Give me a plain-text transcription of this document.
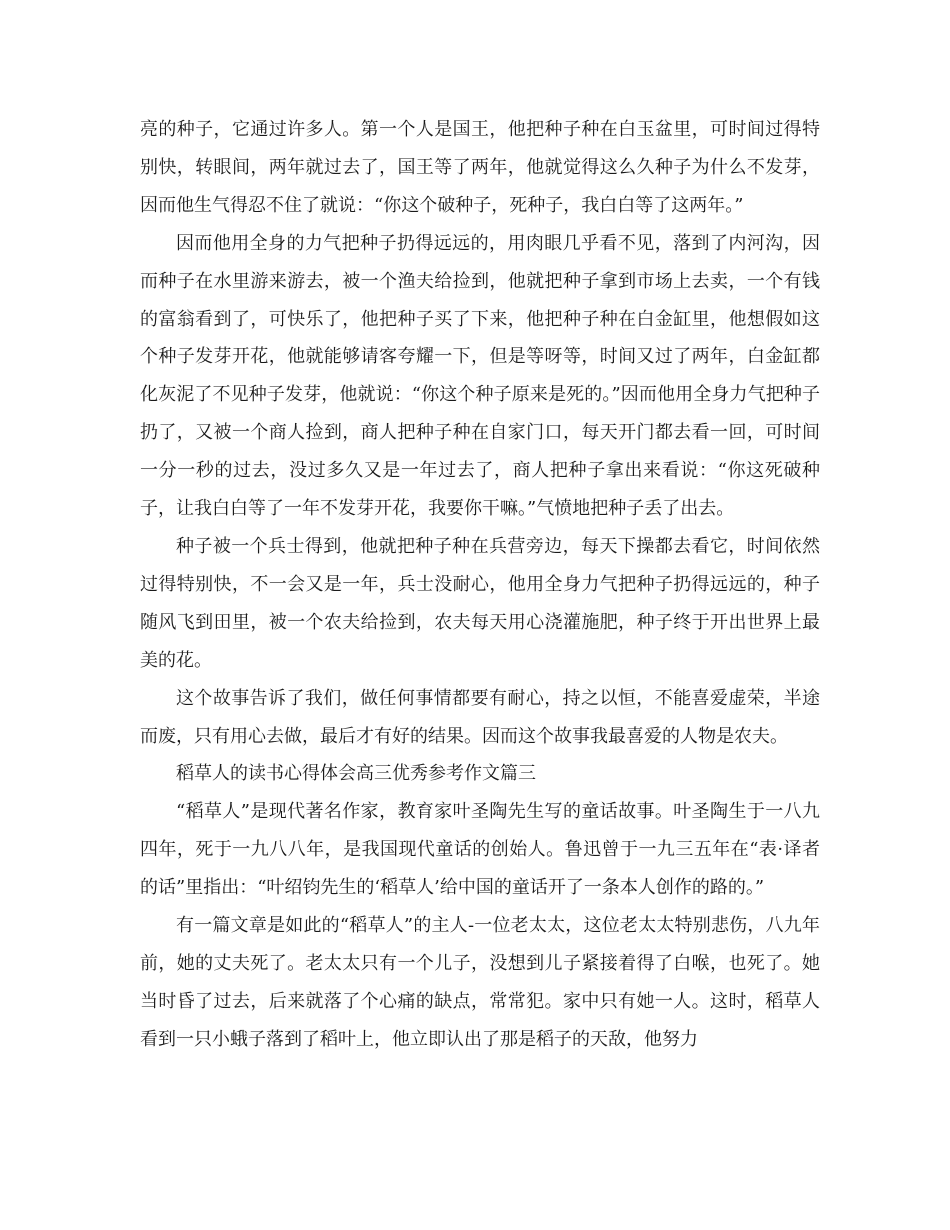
亮的种子，它通过许多人。第一个人是国王，他把种子种在白玉盆里，可时间过得特别快，转眼间，两年就过去了，国王等了两年，他就觉得这么久种子为什么不发芽，因而他生气得忍不住了就说：“你这个破种子，死种子，我白白等了这两年。”

因而他用全身的力气把种子扔得远远的，用肉眼几乎看不见，落到了内河沟，因而种子在水里游来游去，被一个渔夫给捡到，他就把种子拿到市场上去卖，一个有钱的富翁看到了，可快乐了，他把种子买了下来，他把种子种在白金缸里，他想假如这个种子发芽开花，他就能够请客夸耀一下，但是等呀等，时间又过了两年，白金缸都化灰泥了不见种子发芽，他就说：“你这个种子原来是死的。”因而他用全身力气把种子扔了，又被一个商人捡到，商人把种子种在自家门口，每天开门都去看一回，可时间一分一秒的过去，没过多久又是一年过去了，商人把种子拿出来看说：“你这死破种子，让我白白等了一年不发芽开花，我要你干嘛。”气愤地把种子丢了出去。

种子被一个兵士得到，他就把种子种在兵营旁边，每天下操都去看它，时间依然过得特别快，不一会又是一年，兵士没耐心，他用全身力气把种子扔得远远的，种子随风飞到田里，被一个农夫给捡到，农夫每天用心浇灌施肥，种子终于开出世界上最美的花。

这个故事告诉了我们，做任何事情都要有耐心，持之以恒，不能喜爱虚荣，半途而废，只有用心去做，最后才有好的结果。因而这个故事我最喜爱的人物是农夫。

稻草人的读书心得体会高三优秀参考作文篇三

“稻草人”是现代著名作家，教育家叶圣陶先生写的童话故事。叶圣陶生于一八九四年，死于一九八八年，是我国现代童话的创始人。鲁迅曾于一九三五年在“表·译者的话”里指出：“叶绍钧先生的‘稻草人’给中国的童话开了一条本人创作的路的。”

有一篇文章是如此的“稻草人”的主人-一位老太太，这位老太太特别悲伤，八九年前，她的丈夫死了。老太太只有一个儿子，没想到儿子紧接着得了白喉，也死了。她当时昏了过去，后来就落了个心痛的缺点，常常犯。家中只有她一人。这时，稻草人看到一只小蛾子落到了稻叶上，他立即认出了那是稻子的天敌，他努力
